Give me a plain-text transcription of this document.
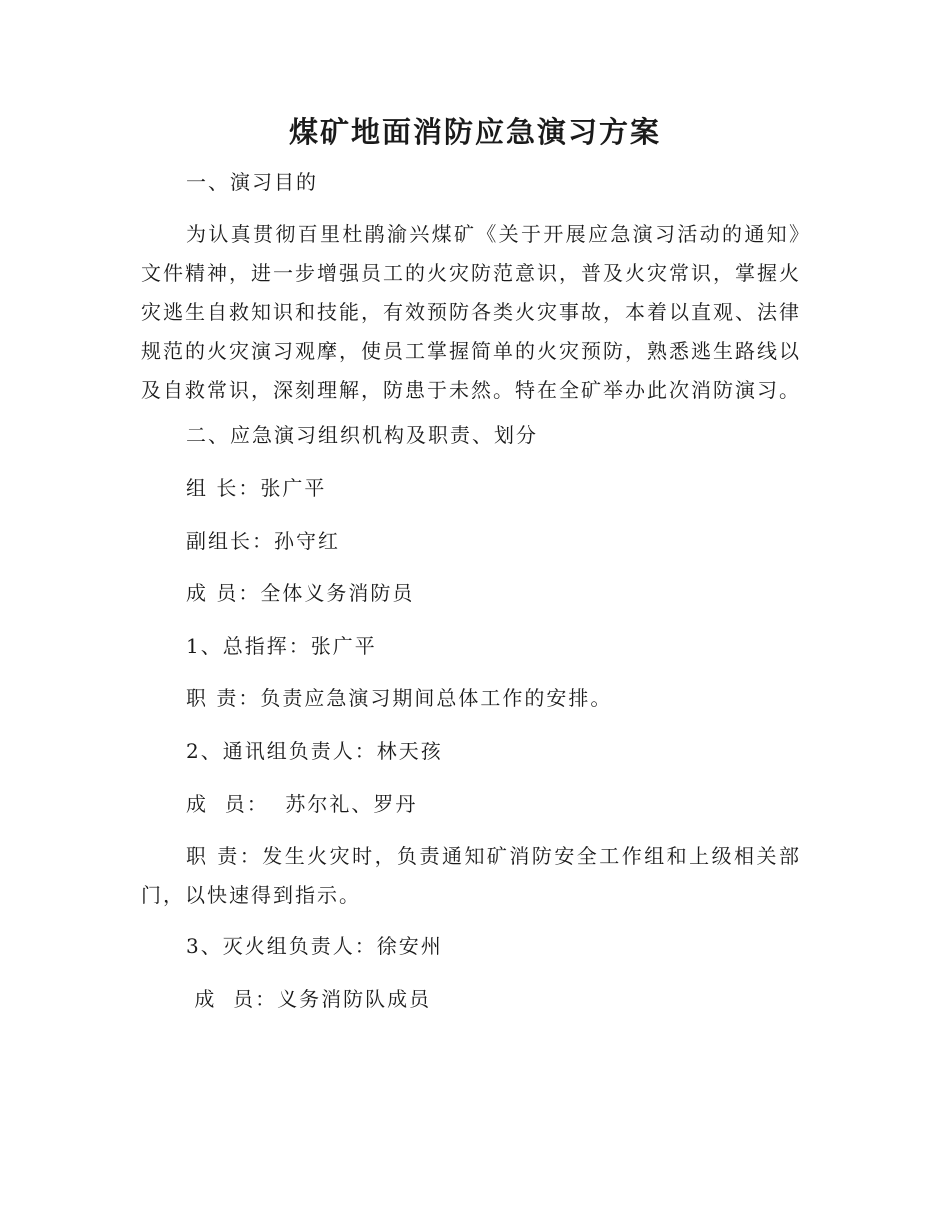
煤矿地面消防应急演习方案

一、演习目的

为认真贯彻百里杜鹃渝兴煤矿《关于开展应急演习活动的通知》文件精神，进一步增强员工的火灾防范意识，普及火灾常识，掌握火灾逃生自救知识和技能，有效预防各类火灾事故，本着以直观、法律规范的火灾演习观摩，使员工掌握简单的火灾预防，熟悉逃生路线以及自救常识，深刻理解，防患于未然。特在全矿举办此次消防演习。

二、应急演习组织机构及职责、划分

组 长：张广平

副组长：孙守红

成 员：全体义务消防员

1、总指挥：张广平

职 责：负责应急演习期间总体工作的安排。

2、通讯组负责人：林天孩

成  员：  苏尔礼、罗丹

职 责：发生火灾时，负责通知矿消防安全工作组和上级相关部门，以快速得到指示。

3、灭火组负责人：徐安州

成  员：义务消防队成员
